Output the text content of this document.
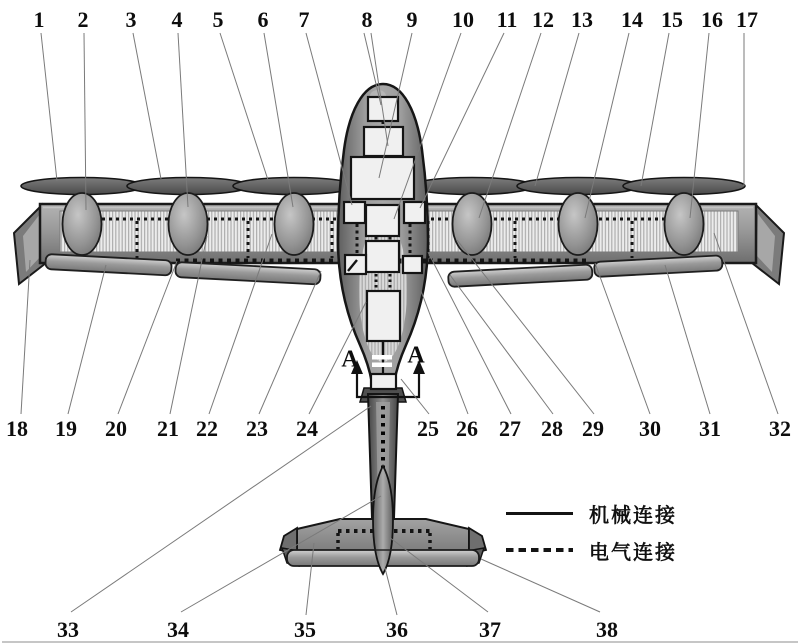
1 2 3 4 5 6 7 8 9 10 11 12 13 14 15 16 17
18 19 20 21 22 23 24	25 26 27 28 29 30 31 32
33	34	35	36	37	38
A A
机械连接
电气连接
